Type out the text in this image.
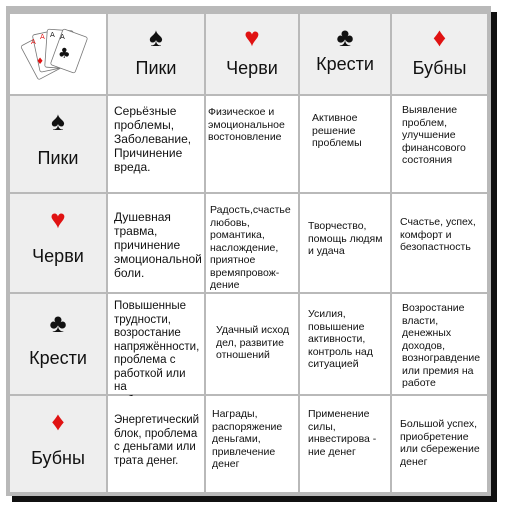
A
A A A
♣
♦
♠
Пики
♥
Черви
♣
Крести
♦
Бубны
♠
Пики
Серьёзные
проблемы,
Заболевание,
Причинение
вреда.
Физическое и
эмоциональное
востоновление
Активное
решение
проблемы
Выявление
проблем,
улучшение
финансового
состояния
♥
Черви
Душевная
травма,
причинение
эмоциональной
боли.
Радость,счастье
любовь,
романтика,
наслождение,
приятное
времяпровож-
дение
Творчество,
помощь людям
и удача
Счастье, успех,
комфорт и
безопастность
♣
Крести
Повышенные
трудности,
возростание
напряжённости,
проблема с
работкой или на

Удачный исход
дел, развитие
отношений
Усилия,
повышение
активности,
контроль над
ситуацией
Возростание
власти,
денежных
доходов,
возногравдение
или премия на
работе
♦
Бубны
Энергетический
блок, проблема
с деньгами или
трата денег.
Награды,
распоряжение
деньгами,
привлечение
денег
Применение
силы,
инвестирова -
ние денег
Большой успех,
приобретение
или сбережение
денег
